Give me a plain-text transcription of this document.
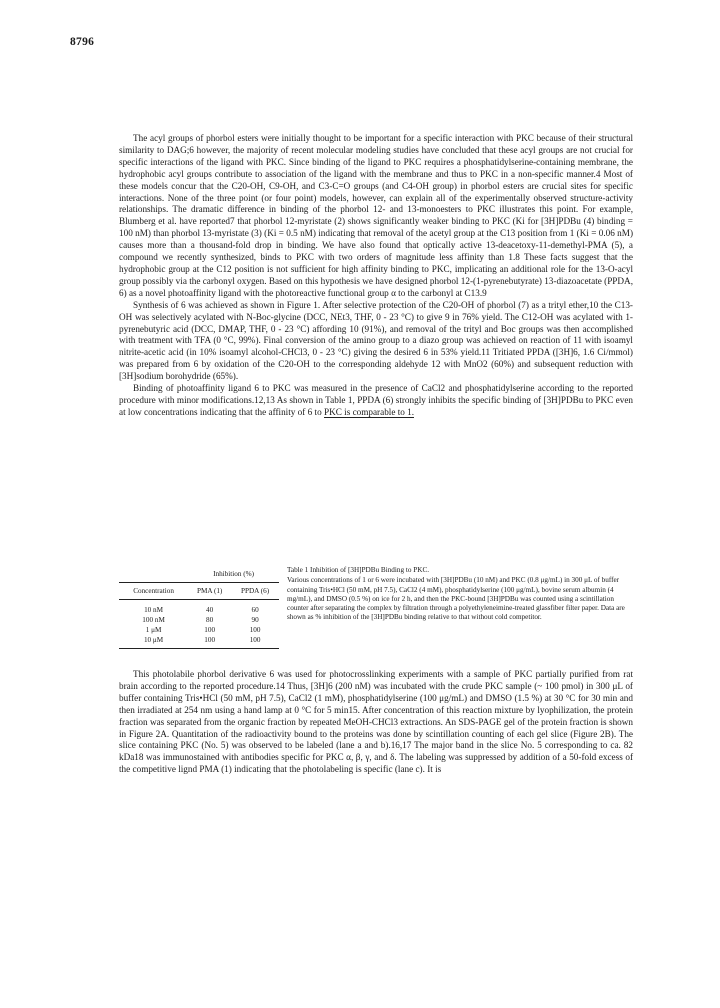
8796

The acyl groups of phorbol esters were initially thought to be important for a specific interaction with PKC because of their structural similarity to DAG;6 however, the majority of recent molecular modeling studies have concluded that these acyl groups are not crucial for specific interactions of the ligand with PKC. Since binding of the ligand to PKC requires a phosphatidylserine-containing membrane, the hydrophobic acyl groups contribute to association of the ligand with the membrane and thus to PKC in a non-specific manner.4 Most of these models concur that the C20-OH, C9-OH, and C3-C=O groups (and C4-OH group) in phorbol esters are crucial sites for specific interactions. None of the three point (or four point) models, however, can explain all of the experimentally observed structure-activity relationships. The dramatic difference in binding of the phorbol 12- and 13-monoesters to PKC illustrates this point. For example, Blumberg et al. have reported7 that phorbol 12-myristate (2) shows significantly weaker binding to PKC (Ki for [3H]PDBu (4) binding = 100 nM) than phorbol 13-myristate (3) (Ki = 0.5 nM) indicating that removal of the acetyl group at the C13 position from 1 (Ki = 0.06 nM) causes more than a thousand-fold drop in binding. We have also found that optically active 13-deacetoxy-11-demethyl-PMA (5), a compound we recently synthesized, binds to PKC with two orders of magnitude less affinity than 1.8 These facts suggest that the hydrophobic group at the C12 position is not sufficient for high affinity binding to PKC, implicating an additional role for the 13-O-acyl group possibly via the carbonyl oxygen. Based on this hypothesis we have designed phorbol 12-(1-pyrenebutyrate) 13-diazoacetate (PPDA, 6) as a novel photoaffinity ligand with the photoreactive functional group α to the carbonyl at C13.9

Synthesis of 6 was achieved as shown in Figure 1. After selective protection of the C20-OH of phorbol (7) as a trityl ether,10 the C13-OH was selectively acylated with N-Boc-glycine (DCC, NEt3, THF, 0 - 23 °C) to give 9 in 76% yield. The C12-OH was acylated with 1-pyrenebutyric acid (DCC, DMAP, THF, 0 - 23 °C) affording 10 (91%), and removal of the trityl and Boc groups was then accomplished with treatment with TFA (0 °C, 99%). Final conversion of the amino group to a diazo group was achieved on reaction of 11 with isoamyl nitrite-acetic acid (in 10% isoamyl alcohol-CHCl3, 0 - 23 °C) giving the desired 6 in 53% yield.11 Tritiated PPDA ([3H]6, 1.6 Ci/mmol) was prepared from 6 by oxidation of the C20-OH to the corresponding aldehyde 12 with MnO2 (60%) and subsequent reduction with [3H]sodium borohydride (65%).

Binding of photoaffinity ligand 6 to PKC was measured in the presence of CaCl2 and phosphatidylserine according to the reported procedure with minor modifications.12,13 As shown in Table 1, PPDA (6) strongly inhibits the specific binding of [3H]PDBu to PKC even at low concentrations indicating that the affinity of 6 to PKC is comparable to 1.

	Inhibition (%)	
Concentration	PMA (1)	PPDA (6)
10 nM	40	60
100 nM	80	90
1 μM	100	100
10 μM	100	100
Table 1 Inhibition of [3H]PDBu Binding to PKC.
Various concentrations of 1 or 6 were incubated with [3H]PDBu (10 nM) and PKC (0.8 μg/mL) in 300 μL of buffer containing Tris•HCl (50 mM, pH 7.5), CaCl2 (4 mM), phosphatidylserine (100 μg/mL), bovine serum albumin (4 mg/mL), and DMSO (0.5 %) on ice for 2 h, and then the PKC-bound [3H]PDBu was counted using a scintillation counter after separating the complex by filtration through a polyethyleneimine-treated glassfiber filter paper. Data are shown as % inhibition of the [3H]PDBu binding relative to that without cold competitor.

This photolabile phorbol derivative 6 was used for photocrosslinking experiments with a sample of PKC partially purified from rat brain according to the reported procedure.14 Thus, [3H]6 (200 nM) was incubated with the crude PKC sample (~ 100 pmol) in 300 μL of buffer containing Tris•HCl (50 mM, pH 7.5), CaCl2 (1 mM), phosphatidylserine (100 μg/mL) and DMSO (1.5 %) at 30 °C for 30 min and then irradiated at 254 nm using a hand lamp at 0 °C for 5 min15. After concentration of this reaction mixture by lyophilization, the protein fraction was separated from the organic fraction by repeated MeOH-CHCl3 extractions. An SDS-PAGE gel of the protein fraction is shown in Figure 2A. Quantitation of the radioactivity bound to the proteins was done by scintillation counting of each gel slice (Figure 2B). The slice containing PKC (No. 5) was observed to be labeled (lane a and b).16,17 The major band in the slice No. 5 corresponding to ca. 82 kDa18 was immunostained with antibodies specific for PKC α, β, γ, and δ. The labeling was suppressed by addition of a 50-fold excess of the competitive lignd PMA (1) indicating that the photolabeling is specific (lane c). It is
